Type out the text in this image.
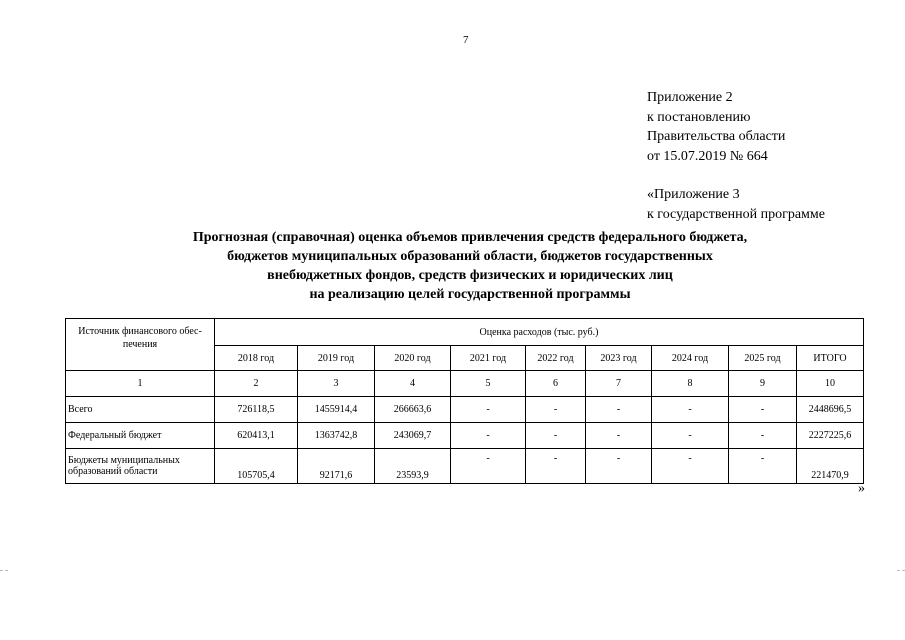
7
Приложение 2
к постановлению
Правительства области
от 15.07.2019 № 664
«Приложение 3
к государственной программе
Прогнозная (справочная) оценка объемов привлечения средств федерального бюджета,
бюджетов муниципальных образований области, бюджетов государственных
внебюджетных фондов, средств физических и юридических лиц
на реализацию целей государственной программы
Источник финансового обес-печения	Оценка расходов (тыс. руб.)								
	2018 год	2019 год	2020 год	2021 год	2022 год	2023 год	2024 год	2025 год	ИТОГО
1	2	3	4	5	6	7	8	9	10
Всего	726118,5	1455914,4	266663,6	-	-	-	-	-	2448696,5
Федеральный бюджет	620413,1	1363742,8	243069,7	-	-	-	-	-	2227225,6
Бюджеты муниципальных образований области	105705,4	92171,6	23593,9	-	-	-	-	-	221470,9
»
